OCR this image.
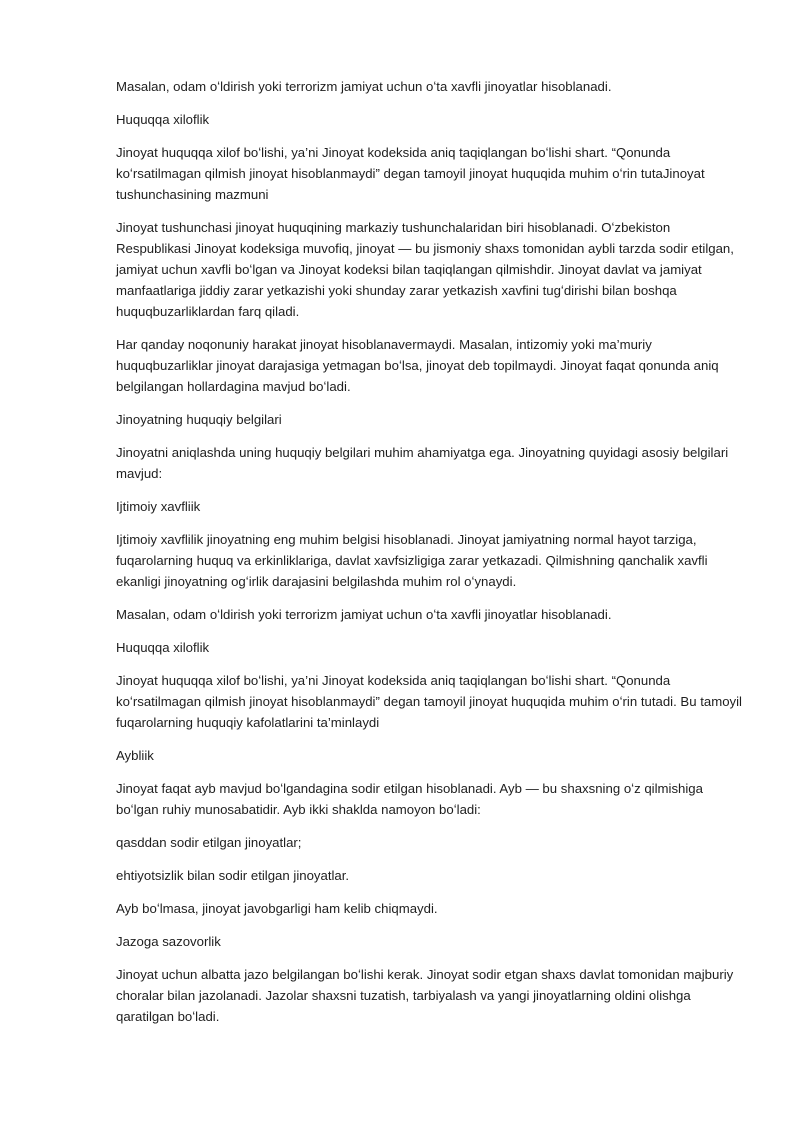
Masalan, odam oʻldirish yoki terrorizm jamiyat uchun oʻta xavfli jinoyatlar hisoblanadi.

Huquqqa xiloflik

Jinoyat huquqqa xilof boʻlishi, ya’ni Jinoyat kodeksida aniq taqiqlangan boʻlishi shart. “Qonunda koʻrsatilmagan qilmish jinoyat hisoblanmaydi” degan tamoyil jinoyat huquqida muhim oʻrin tutaJinoyat tushunchasining mazmuni

Jinoyat tushunchasi jinoyat huquqining markaziy tushunchalaridan biri hisoblanadi. Oʻzbekiston Respublikasi Jinoyat kodeksiga muvofiq, jinoyat — bu jismoniy shaxs tomonidan aybli tarzda sodir etilgan, jamiyat uchun xavfli boʻlgan va Jinoyat kodeksi bilan taqiqlangan qilmishdir. Jinoyat davlat va jamiyat manfaatlariga jiddiy zarar yetkazishi yoki shunday zarar yetkazish xavfini tugʻdirishi bilan boshqa huquqbuzarliklardan farq qiladi.

Har qanday noqonuniy harakat jinoyat hisoblanavermaydi. Masalan, intizomiy yoki ma’muriy huquqbuzarliklar jinoyat darajasiga yetmagan boʻlsa, jinoyat deb topilmaydi. Jinoyat faqat qonunda aniq belgilangan hollardagina mavjud boʻladi.

Jinoyatning huquqiy belgilari

Jinoyatni aniqlashda uning huquqiy belgilari muhim ahamiyatga ega. Jinoyatning quyidagi asosiy belgilari mavjud:

Ijtimoiy xavfliik

Ijtimoiy xavflilik jinoyatning eng muhim belgisi hisoblanadi. Jinoyat jamiyatning normal hayot tarziga, fuqarolarning huquq va erkinliklariga, davlat xavfsizligiga zarar yetkazadi. Qilmishning qanchalik xavfli ekanligi jinoyatning ogʻirlik darajasini belgilashda muhim rol oʻynaydi.

Masalan, odam oʻldirish yoki terrorizm jamiyat uchun oʻta xavfli jinoyatlar hisoblanadi.

Huquqqa xiloflik

Jinoyat huquqqa xilof boʻlishi, ya’ni Jinoyat kodeksida aniq taqiqlangan boʻlishi shart. “Qonunda koʻrsatilmagan qilmish jinoyat hisoblanmaydi” degan tamoyil jinoyat huquqida muhim oʻrin tutadi. Bu tamoyil fuqarolarning huquqiy kafolatlarini ta’minlaydi

Aybliik

Jinoyat faqat ayb mavjud boʻlgandagina sodir etilgan hisoblanadi. Ayb — bu shaxsning oʻz qilmishiga boʻlgan ruhiy munosabatidir. Ayb ikki shaklda namoyon boʻladi:

qasddan sodir etilgan jinoyatlar;

ehtiyotsizlik bilan sodir etilgan jinoyatlar.

Ayb boʻlmasa, jinoyat javobgarligi ham kelib chiqmaydi.

Jazoga sazovorlik

Jinoyat uchun albatta jazo belgilangan boʻlishi kerak. Jinoyat sodir etgan shaxs davlat tomonidan majburiy choralar bilan jazolanadi. Jazolar shaxsni tuzatish, tarbiyalash va yangi jinoyatlarning oldini olishga qaratilgan boʻladi.
